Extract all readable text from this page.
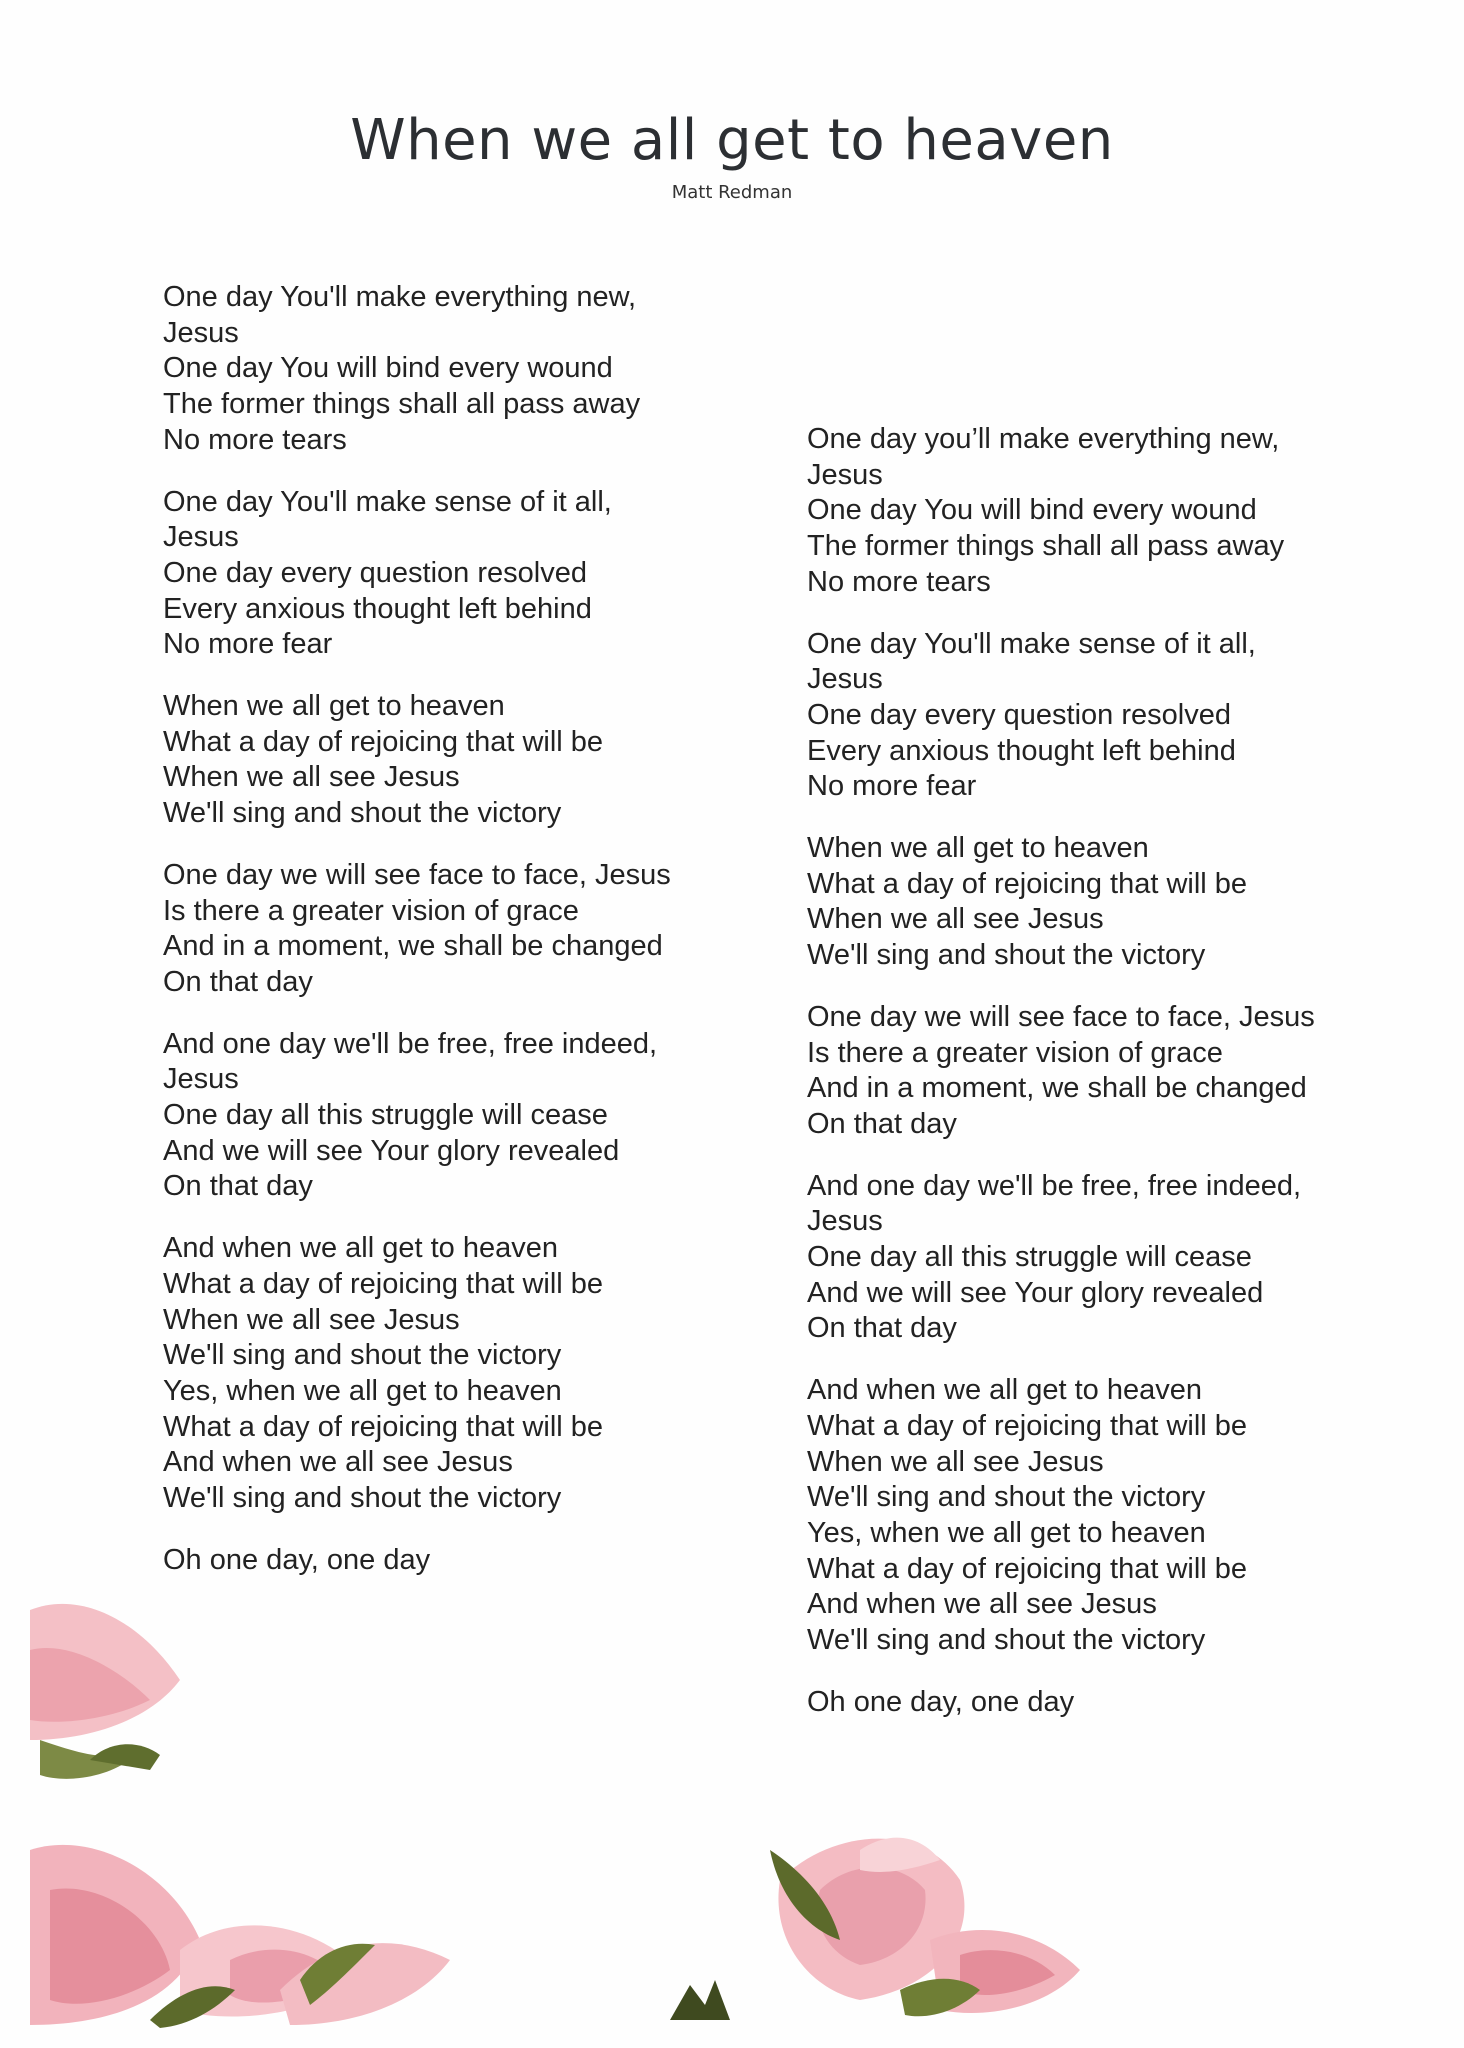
When we all get to heaven
Matt Redman
One day You'll make everything new,
Jesus
One day You will bind every wound
The former things shall all pass away
No more tears
One day You'll make sense of it all,
Jesus
One day every question resolved
Every anxious thought left behind
No more fear
When we all get to heaven
What a day of rejoicing that will be
When we all see Jesus
We'll sing and shout the victory
One day we will see face to face, Jesus
Is there a greater vision of grace
And in a moment, we shall be changed
On that day
And one day we'll be free, free indeed,
Jesus
One day all this struggle will cease
And we will see Your glory revealed
On that day
And when we all get to heaven
What a day of rejoicing that will be
When we all see Jesus
We'll sing and shout the victory
Yes, when we all get to heaven
What a day of rejoicing that will be
And when we all see Jesus
We'll sing and shout the victory
Oh one day, one day
One day you’ll make everything new,
Jesus
One day You will bind every wound
The former things shall all pass away
No more tears
One day You'll make sense of it all,
Jesus
One day every question resolved
Every anxious thought left behind
No more fear
When we all get to heaven
What a day of rejoicing that will be
When we all see Jesus
We'll sing and shout the victory
One day we will see face to face, Jesus
Is there a greater vision of grace
And in a moment, we shall be changed
On that day
And one day we'll be free, free indeed,
Jesus
One day all this struggle will cease
And we will see Your glory revealed
On that day
And when we all get to heaven
What a day of rejoicing that will be
When we all see Jesus
We'll sing and shout the victory
Yes, when we all get to heaven
What a day of rejoicing that will be
And when we all see Jesus
We'll sing and shout the victory
Oh one day, one day
